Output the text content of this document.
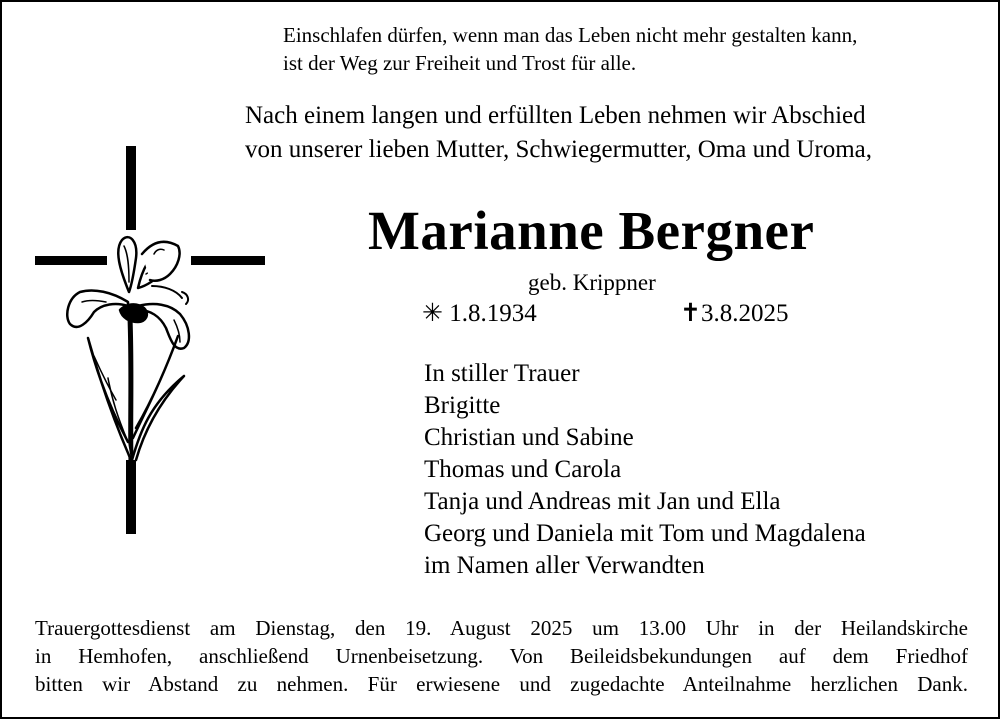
Einschlafen dürfen, wenn man das Leben nicht mehr gestalten kann,
ist der Weg zur Freiheit und Trost für alle.
Nach einem langen und erfüllten Leben nehmen wir Abschied
von unserer lieben Mutter, Schwiegermutter, Oma und Uroma,
Marianne Bergner
geb. Krippner
✳ 1.8.1934	✝3.8.2025
In stiller Trauer
Brigitte
Christian und Sabine
Thomas und Carola
Tanja und Andreas mit Jan und Ella
Georg und Daniela mit Tom und Magdalena
im Namen aller Verwandten
Trauergottesdienst am Dienstag, den 19. August 2025 um 13.00 Uhr in der Heilandskirche
in Hemhofen, anschließend Urnenbeisetzung. Von Beileidsbekundungen auf dem Friedhof
bitten wir Abstand zu nehmen. Für erwiesene und zugedachte Anteilnahme herzlichen Dank.
